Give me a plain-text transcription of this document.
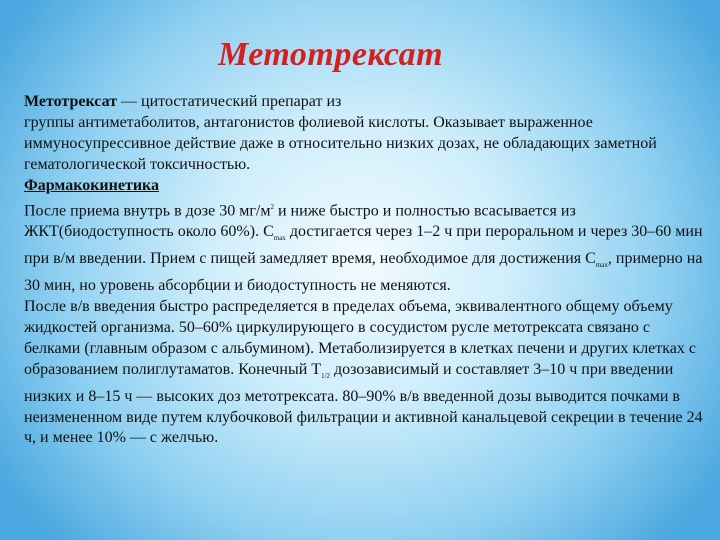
Метотрексат

Метотрексат — цитостатический препарат из
группы антиметаболитов, антагонистов фолиевой кислоты. Оказывает выраженное иммуносупрессивное действие даже в относительно низких дозах, не обладающих заметной гематологической токсичностью.

Фармакокинетика

После приема внутрь в дозе 30 $мг/м^2$ и ниже быстро и полностью всасывается из ЖКТ(биодоступность около 60%). $С_{max}$ достигается через 1–2 ч при пероральном и через 30–60 мин при в/м введении. Прием с пищей замедляет время, необходимое для достижения $С_{max}$, примерно на 30 мин, но уровень абсорбции и биодоступность не меняются.

После в/в введения быстро распределяется в пределах объема, эквивалентного общему объему жидкостей организма. 50–60% циркулирующего в сосудистом русле метотрексата связано с белками (главным образом с альбумином). Метаболизируется в клетках печени и других клетках с образованием полиглутаматов. Конечный $Т_{1/2}$ дозозависимый и составляет 3–10 ч при введении низких и 8–15 ч — высоких доз метотрексата. 80–90% в/в введенной дозы выводится почками в неизмененном виде путем клубочковой фильтрации и активной канальцевой секреции в течение 24 ч, и менее 10% — с желчью.
